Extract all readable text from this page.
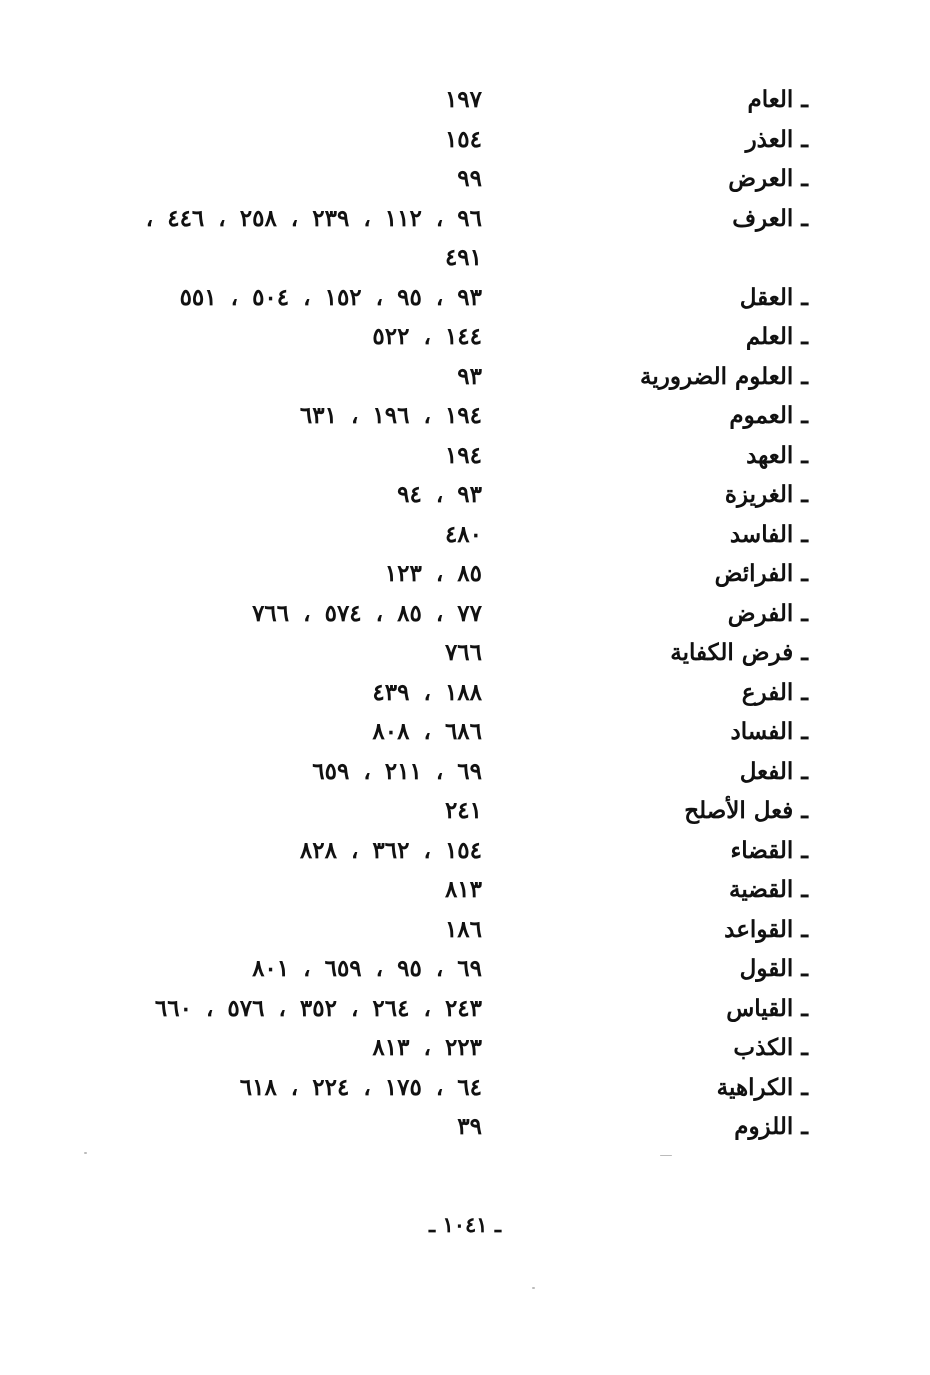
ـ العام
١٩٧
ـ العذر
١٥٤
ـ العرض
٩٩
ـ العرف
٩٦ ، ١١٢ ، ٢٣٩ ، ٢٥٨ ، ٤٤٦ ،
٤٩١
ـ العقل
٩٣ ، ٩٥ ، ١٥٢ ، ٥٠٤ ، ٥٥١
ـ العلم
١٤٤ ، ٥٢٢
ـ العلوم الضرورية
٩٣
ـ العموم
١٩٤ ، ١٩٦ ، ٦٣١
ـ العهد
١٩٤
ـ الغريزة
٩٣ ، ٩٤
ـ الفاسد
٤٨٠
ـ الفرائض
٨٥ ، ١٢٣
ـ الفرض
٧٧ ، ٨٥ ، ٥٧٤ ، ٧٦٦
ـ فرض الكفاية
٧٦٦
ـ الفرع
١٨٨ ، ٤٣٩
ـ الفساد
٦٨٦ ، ٨٠٨
ـ الفعل
٦٩ ، ٢١١ ، ٦٥٩
ـ فعل الأصلح
٢٤١
ـ القضاء
١٥٤ ، ٣٦٢ ، ٨٢٨
ـ القضية
٨١٣
ـ القواعد
١٨٦
ـ القول
٦٩ ، ٩٥ ، ٦٥٩ ، ٨٠١
ـ القياس
٢٤٣ ، ٢٦٤ ، ٣٥٢ ، ٥٧٦ ، ٦٦٠
ـ الكذب
٢٢٣ ، ٨١٣
ـ الكراهية
٦٤ ، ١٧٥ ، ٢٢٤ ، ٦١٨
ـ اللزوم
٣٩
ـ ١٠٤١ ـ
